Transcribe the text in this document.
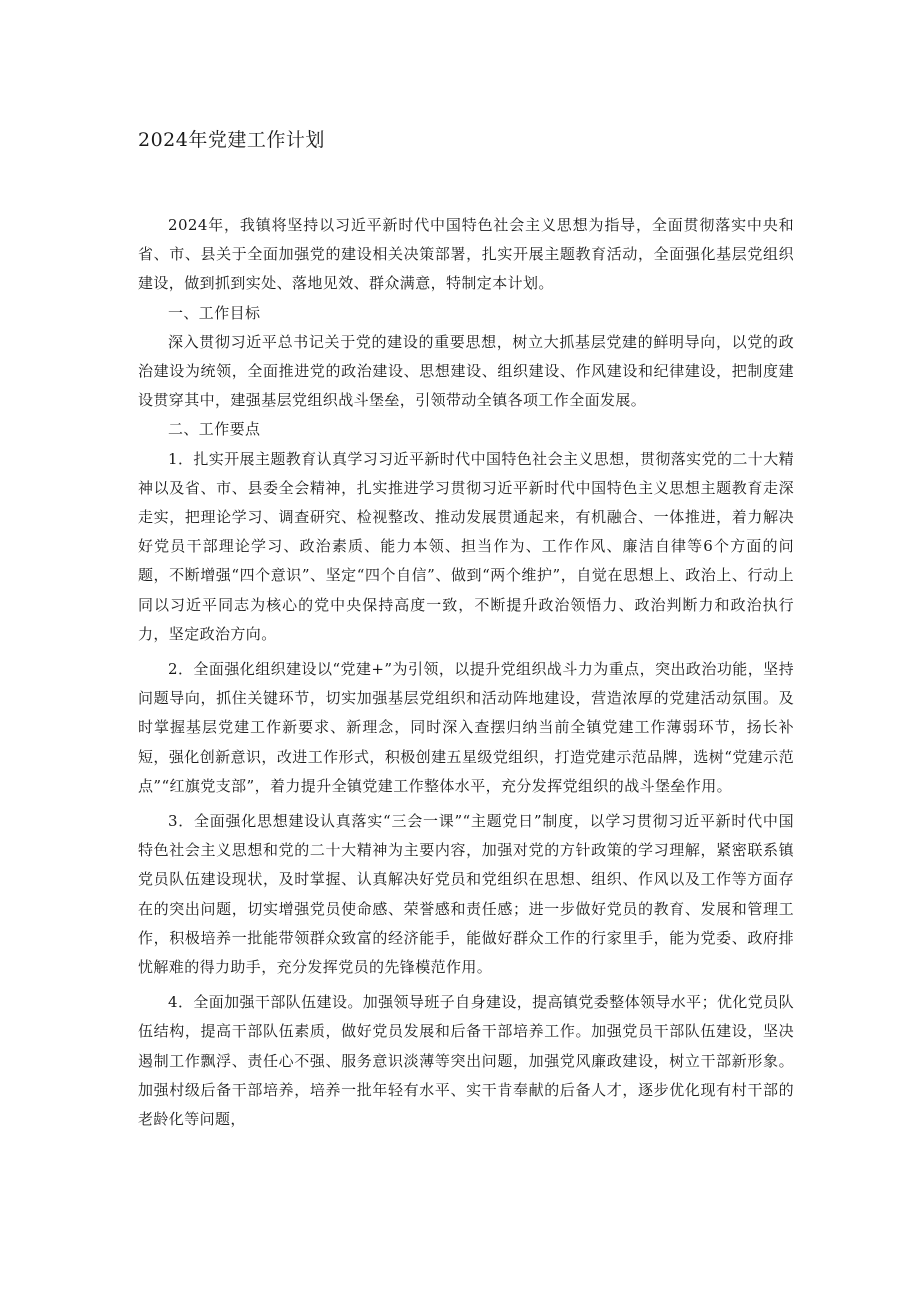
2024年党建工作计划

2024年，我镇将坚持以习近平新时代中国特色社会主义思想为指导，全面贯彻落实中央和省、市、县关于全面加强党的建设相关决策部署，扎实开展主题教育活动，全面强化基层党组织建设，做到抓到实处、落地见效、群众满意，特制定本计划。

一、工作目标

深入贯彻习近平总书记关于党的建设的重要思想，树立大抓基层党建的鲜明导向，以党的政治建设为统领，全面推进党的政治建设、思想建设、组织建设、作风建设和纪律建设，把制度建设贯穿其中，建强基层党组织战斗堡垒，引领带动全镇各项工作全面发展。

二、工作要点

1．扎实开展主题教育认真学习习近平新时代中国特色社会主义思想，贯彻落实党的二十大精神以及省、市、县委全会精神，扎实推进学习贯彻习近平新时代中国特色主义思想主题教育走深走实，把理论学习、调查研究、检视整改、推动发展贯通起来，有机融合、一体推进，着力解决好党员干部理论学习、政治素质、能力本领、担当作为、工作作风、廉洁自律等6个方面的问题，不断增强“四个意识”、坚定“四个自信”、做到“两个维护”，自觉在思想上、政治上、行动上同以习近平同志为核心的党中央保持高度一致，不断提升政治领悟力、政治判断力和政治执行力，坚定政治方向。

2．全面强化组织建设以“党建+”为引领，以提升党组织战斗力为重点，突出政治功能，坚持问题导向，抓住关键环节，切实加强基层党组织和活动阵地建设，营造浓厚的党建活动氛围。及时掌握基层党建工作新要求、新理念，同时深入查摆归纳当前全镇党建工作薄弱环节，扬长补短，强化创新意识，改进工作形式，积极创建五星级党组织，打造党建示范品牌，选树“党建示范点”“红旗党支部”，着力提升全镇党建工作整体水平，充分发挥党组织的战斗堡垒作用。

3．全面强化思想建设认真落实“三会一课”“主题党日”制度，以学习贯彻习近平新时代中国特色社会主义思想和党的二十大精神为主要内容，加强对党的方针政策的学习理解，紧密联系镇党员队伍建设现状，及时掌握、认真解决好党员和党组织在思想、组织、作风以及工作等方面存在的突出问题，切实增强党员使命感、荣誉感和责任感；进一步做好党员的教育、发展和管理工作，积极培养一批能带领群众致富的经济能手，能做好群众工作的行家里手，能为党委、政府排忧解难的得力助手，充分发挥党员的先锋模范作用。

4．全面加强干部队伍建设。加强领导班子自身建设，提高镇党委整体领导水平；优化党员队伍结构，提高干部队伍素质，做好党员发展和后备干部培养工作。加强党员干部队伍建设，坚决遏制工作飘浮、责任心不强、服务意识淡薄等突出问题，加强党风廉政建设，树立干部新形象。加强村级后备干部培养，培养一批年轻有水平、实干肯奉献的后备人才，逐步优化现有村干部的老龄化等问题，
